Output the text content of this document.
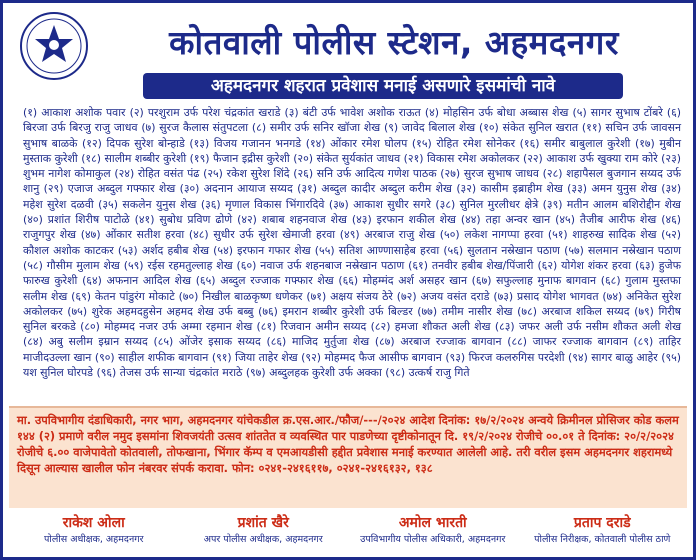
कोतवाली पोलीस स्टेशन, अहमदनगर
अहमदनगर शहरात प्रवेशास मनाई असणारे इसमांची नावे
(१) आकाश अशोक पवार (२) परशुराम उर्फ परेश चंद्रकांत खराडे (३) बंटी उर्फ भावेश अशोक राऊत (४) मोहसिन उर्फ बोधा अब्बास शेख (५) सागर सुभाष टोंबरे (६) बिरजा उर्फ बिरजु राजु जाधव (७) सुरज कैलास संतुपटला (८) समीर उर्फ सनिर खॉजा शेख (९) जावेद बिलाल शेख (१०) संकेत सुनिल खरात (११) सचिन उर्फ जावसन सुभाष बाळके (१२) दिपक सुरेश बोन्हाडे (१३) विजय गजानन भनगडे (१४) ओंकार रमेश घोलप (१५) रोहित रमेश सोनेकर (१६) समीर बाबुलाल कुरेशी (१७) मुबीन मुस्ताक कुरेशी (१८) सालीम शब्बीर कुरेशी (१९) फैजान इद्रीस कुरेशी (२०) संकेत सुर्यकांत जाधव (२१) विकास रमेश अकोलकर (२२) आकाश उर्फ खुक्या राम कोरे (२३) शुभम नागेश कोमाकुल (२४) रोहित वसंत पंढ (२५) रकेश सुरेश शिंदे (२६) सनि उर्फ आदित्य गणेश पाठक (२७) सुरज सुभाष जाधव (२८) शहापैसल बुजगान सय्यद उर्फ शानु (२९) एजाज अब्दुल गफ्फार शेख (३०) अदनान आयाज सय्यद (३१) अब्दुल कादीर अब्दुल करीम शेख (३२) कासीम इब्राहीम शेख (३३) अमन युनुस शेख (३४) महेश सुरेश दळवी (३५) सकलेन युनुस शेख (३६) मृणाल विकास भिंगारदिवे (३७) आकाश सुधीर सगरे (३८) सुनिल मुरलीधर क्षेत्रे (३९) मतीन आलम बशिरोद्दीन शेख (४०) प्रशांत शिरीष पाटोळे (४१) सुबोध प्रविण ढोणे (४२) शबाब शहनवाज शेख (४३) इरफान शकील शेख (४४) तहा अन्वर खान (४५) तैजीब आरीफ शेख (४६) राजुगपुर शेख (४७) ओंकार सतीश हरवा (४८) सुधीर उर्फ सुरेश खेमाजी हरवा (४९) अरबाज राजु शेख (५०) लकेश नागप्पा हरवा (५१) शाहरुख सादिक शेख (५२) कौशल अशोक काटकर (५३) अर्शद हबीब शेख (५४) इरफान गफार शेख (५५) सतिश आण्णासाहेब हरवा (५६) सुलतान नस्रेखान पठाण (५७) सलमान नस्रेखान पठाण (५८) गौसीम मुलाम शेख (५९) रईस रहमतुल्लाह शेख (६०) नवाज उर्फ शहनबाज नस्रेखान पठाण (६१) तनवीर हबीब शेख/पिंजारी (६२) योगेश शंकर हरवा (६३) हुजेफ फारुख कुरेशी (६४) अफनान आदिल शेख (६५) अब्दुल रज्जाक गफ्फार शेख (६६) मोहम्मंद अर्श असहर खान (६७) सफुल्लाह मुनाफ बागवान (६८) गुलाम मुस्तफा सलीम शेख (६९) केतन पांडुरंग मोकाटे (७०) निखील बाळकृष्ण धणेकर (७१) अक्षय संजय ठेरे (७२) अजय वसंत दराडे (७३) प्रसाद योगेश भागवत (७४) अनिकेत सुरेश अकोलकर (७५) शुरेक अहमदहुसेन अहमद शेख उर्फ बब्बु (७६) इमरान शब्बीर कुरेशी उर्फ बिल्डर (७७) तमीम नासीर शेख (७८) अरबाज शकिल सय्यद (७९) गिरीष सुनिल बरकडे (८०) मोहम्मद नजर उर्फ अम्मा रहमान शेख (८१) रिजवान अमीन सय्यद (८२) हमजा शौकत अली शेख (८३) जफर अली उर्फ नसीम शौकत अली शेख (८४) अबु सलीम इम्रान सय्यद (८५) ओंजेर इसाक सय्यद (८६) माजिद मुर्तुजा शेख (८७) अरबाज रज्जाक बागवान (८८) जाफर रज्जाक बागवान (८९) ताहिर माजीदउल्ला खान (९०) साहील शफीक बागवान (९१) जिया ताहेर शेख (९२) मोहम्मद फैज आसीफ बागवान (९३) फिरज कलरुगिस परदेशी (९४) सागर बाळु आहेर (९५) यश सुनिल घोरपडे (९६) तेजस उर्फ सान्या चंद्रकांत मराठे (९७) अब्दुलहक कुरेशी उर्फ अक्का (९८) उत्कर्ष राजु गिते
मा. उपविभागीय दंडाधिकारी, नगर भाग, अहमदनगर यांचेकडील क्र.एस.आर./फौज/---/२०२४ आदेश दिनांक: १७/२/२०२४ अन्वये क्रिमीनल प्रोसिजर कोड कलम १४४ (२) प्रमाणे वरील नमुद इसमांना शिवजयंती उत्सव शांततेत व व्यवस्थित पार पाडणेच्या दृष्टीकोनातून दि. १९/२/२०२४ रोजीचे ००.०१ ते दिनांक: २०/२/२०२४ रोजीचे ६.०० वाजेपावेतो कोतवाली, तोफखाना, भिंगार कॅम्प व एमआयडीसी हद्दीत प्रवेशास मनाई करण्यात आलेली आहे. तरी वरील इसम अहमदनगर शहरामध्ये दिसून आल्यास खालील फोन नंबरवर संपर्क करावा. फोन: ०२४१-२४१६११७, ०२४१-२४१६१३२, १३८
राकेश ओला
पोलीस अधीक्षक, अहमदनगर
प्रशांत खैरे
अपर पोलीस अधीक्षक, अहमदनगर
अमोल भारती
उपविभागीय पोलीस अधिकारी, अहमदनगर
प्रताप दराडे
पोलीस निरीक्षक, कोतवाली पोलीस ठाणे
